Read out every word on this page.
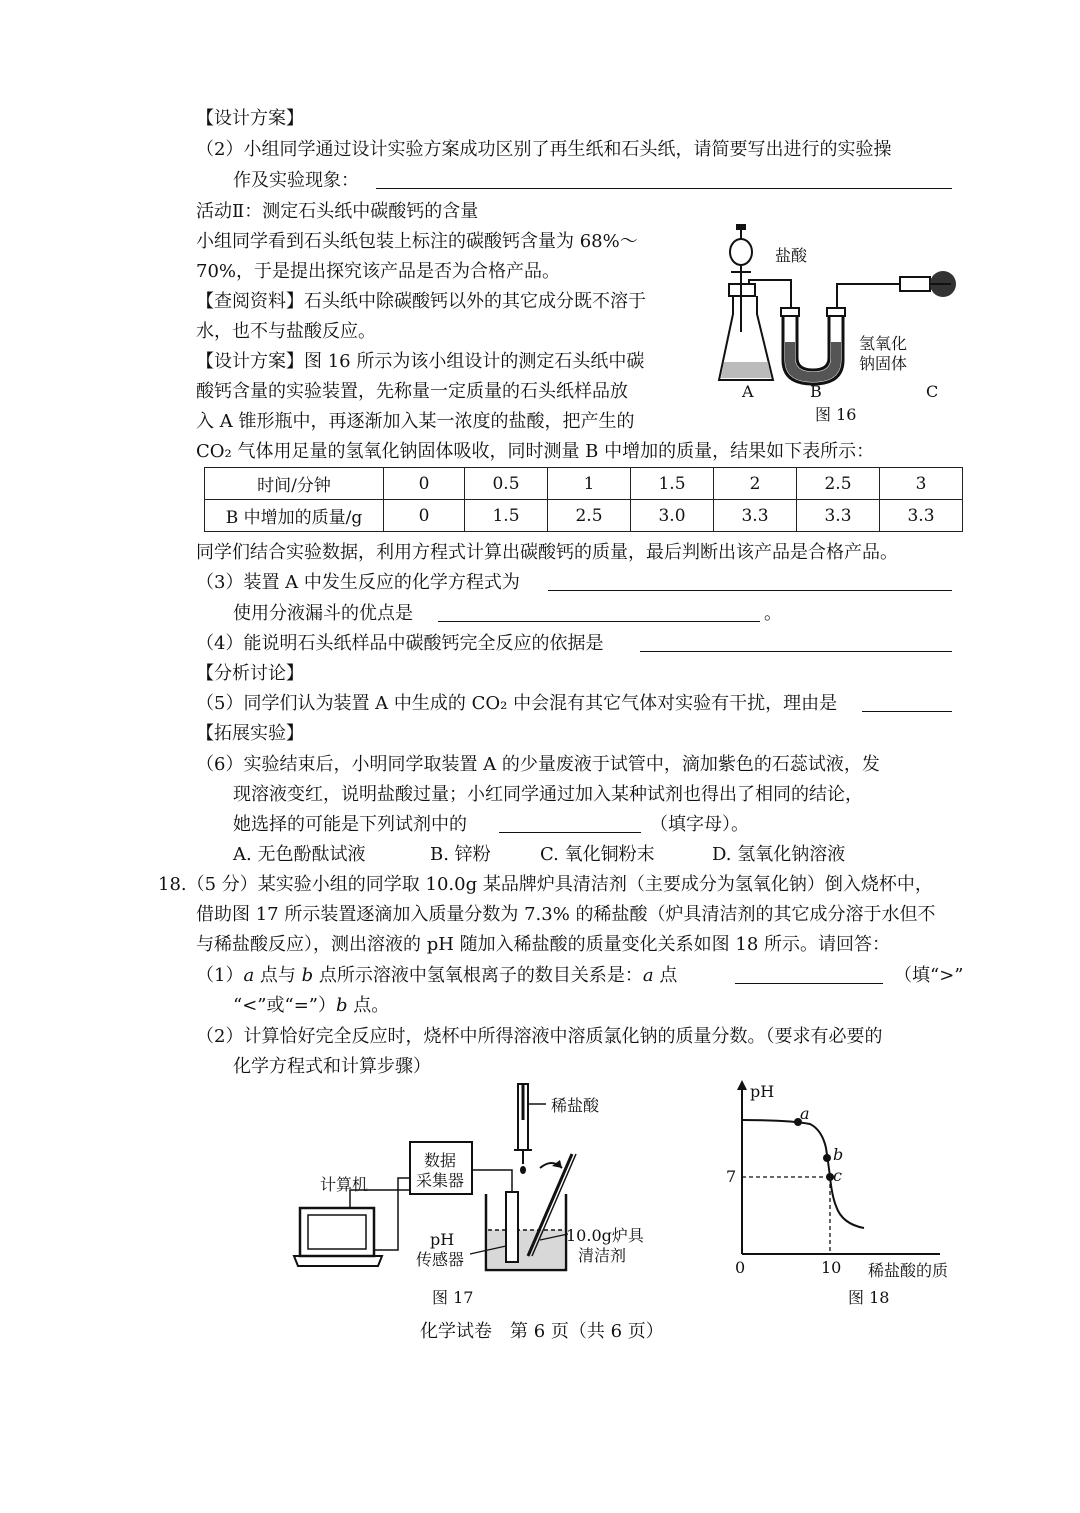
【设计方案】
（2）小组同学通过设计实验方案成功区别了再生纸和石头纸，请简要写出进行的实验操
作及实验现象：
活动Ⅱ：测定石头纸中碳酸钙的含量
小组同学看到石头纸包装上标注的碳酸钙含量为 68%～
70%，于是提出探究该产品是否为合格产品。
【查阅资料】石头纸中除碳酸钙以外的其它成分既不溶于
水，也不与盐酸反应。
【设计方案】图 16 所示为该小组设计的测定石头纸中碳
酸钙含量的实验装置，先称量一定质量的石头纸样品放
入 A 锥形瓶中，再逐渐加入某一浓度的盐酸，把产生的
CO₂ 气体用足量的氢氧化钠固体吸收，同时测量 B 中增加的质量，结果如下表所示：
盐酸
氢氧化
钠固体
A	B	C
图 16
时间/分钟	0	0.5	1	1.5	2	2.5	3
B 中增加的质量/g	0	1.5	2.5	3.0	3.3	3.3	3.3
同学们结合实验数据，利用方程式计算出碳酸钙的质量，最后判断出该产品是合格产品。
（3）装置 A 中发生反应的化学方程式为
使用分液漏斗的优点是	。
（4）能说明石头纸样品中碳酸钙完全反应的依据是
【分析讨论】
（5）同学们认为装置 A 中生成的 CO₂ 中会混有其它气体对实验有干扰，理由是
【拓展实验】
（6）实验结束后，小明同学取装置 A 的少量废液于试管中，滴加紫色的石蕊试液，发
现溶液变红，说明盐酸过量；小红同学通过加入某种试剂也得出了相同的结论，
她选择的可能是下列试剂中的	（填字母）。
A. 无色酚酞试液	B. 锌粉	C. 氧化铜粉末	D. 氢氧化钠溶液
18.（5 分）某实验小组的同学取 10.0g 某品牌炉具清洁剂（主要成分为氢氧化钠）倒入烧杯中，
借助图 17 所示装置逐滴加入质量分数为 7.3% 的稀盐酸（炉具清洁剂的其它成分溶于水但不
与稀盐酸反应），测出溶液的 pH 随加入稀盐酸的质量变化关系如图 18 所示。请回答：
（1）a 点与 b 点所示溶液中氢氧根离子的数目关系是：a 点	（填“>”
“<”或“=”）b 点。
（2）计算恰好完全反应时，烧杯中所得溶液中溶质氯化钠的质量分数。（要求有必要的
化学方程式和计算步骤）
稀盐酸
数据
采集器
计算机
pH
传感器
10.0g炉具
清洁剂
图 17
pH
a
b
c
7
0	10 稀盐酸的质
图 18
化学试卷　第 6 页（共 6 页）
